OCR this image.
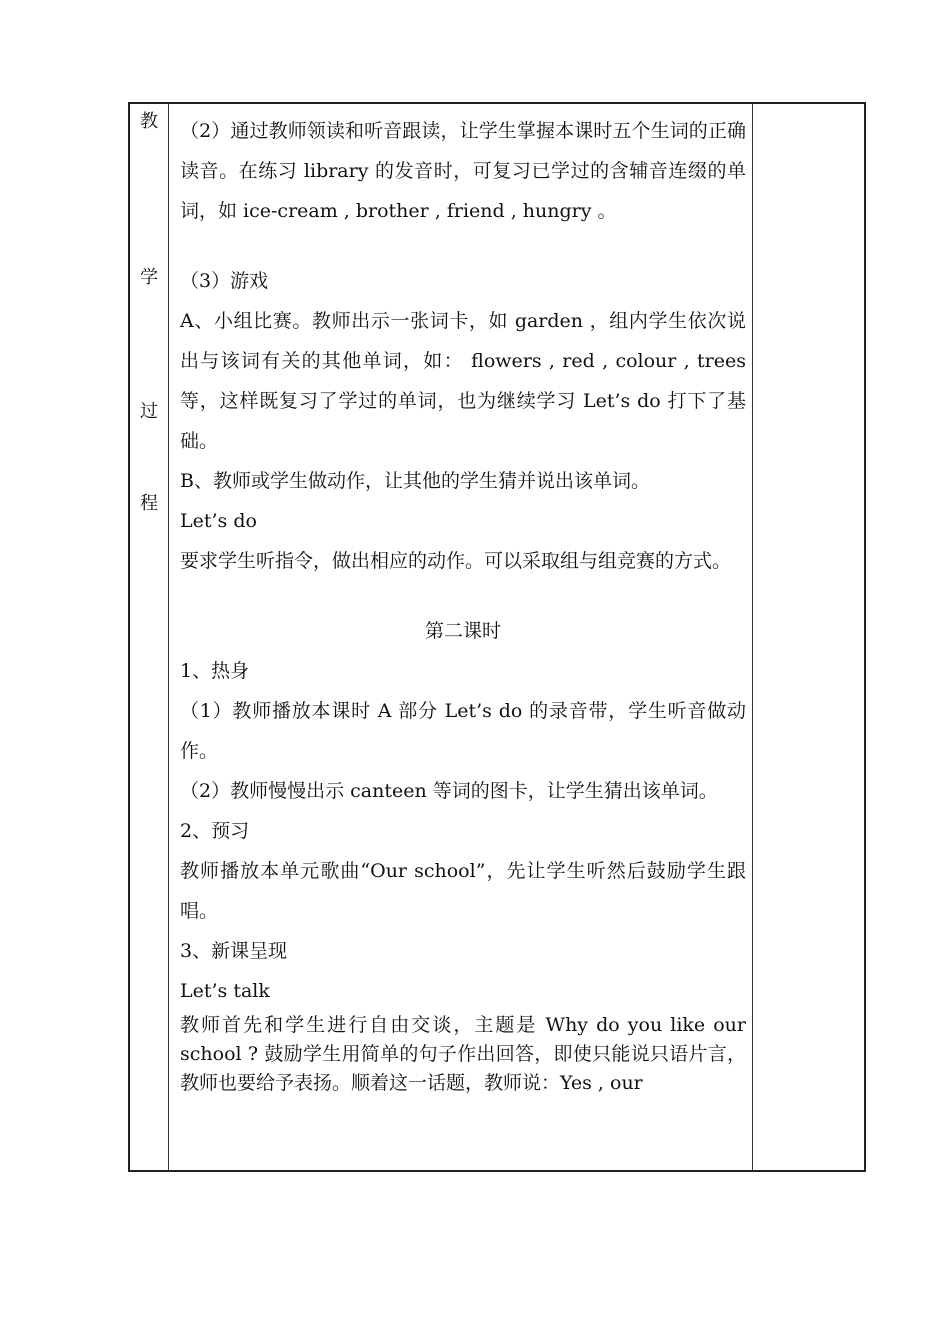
教
学
过
程

（2）通过教师领读和听音跟读，让学生掌握本课时五个生词的正确读音。在练习 library 的发音时，可复习已学过的含辅音连缀的单词，如 ice-cream , brother , friend , hungry 。

（3）游戏

A、小组比赛。教师出示一张词卡，如 garden ，组内学生依次说出与该词有关的其他单词，如： flowers , red , colour , trees 等，这样既复习了学过的单词，也为继续学习 Let’s do 打下了基础。

B、教师或学生做动作，让其他的学生猜并说出该单词。

Let’s do

要求学生听指令，做出相应的动作。可以采取组与组竞赛的方式。

第二课时

1、热身

（1）教师播放本课时 A 部分 Let’s do 的录音带，学生听音做动作。

（2）教师慢慢出示 canteen 等词的图卡，让学生猜出该单词。

2、预习

教师播放本单元歌曲“Our school”，先让学生听然后鼓励学生跟唱。

3、新课呈现

Let’s talk

教师首先和学生进行自由交谈，主题是 Why do you like our school ? 鼓励学生用简单的句子作出回答，即使只能说只语片言，教师也要给予表扬。顺着这一话题，教师说：Yes , our
